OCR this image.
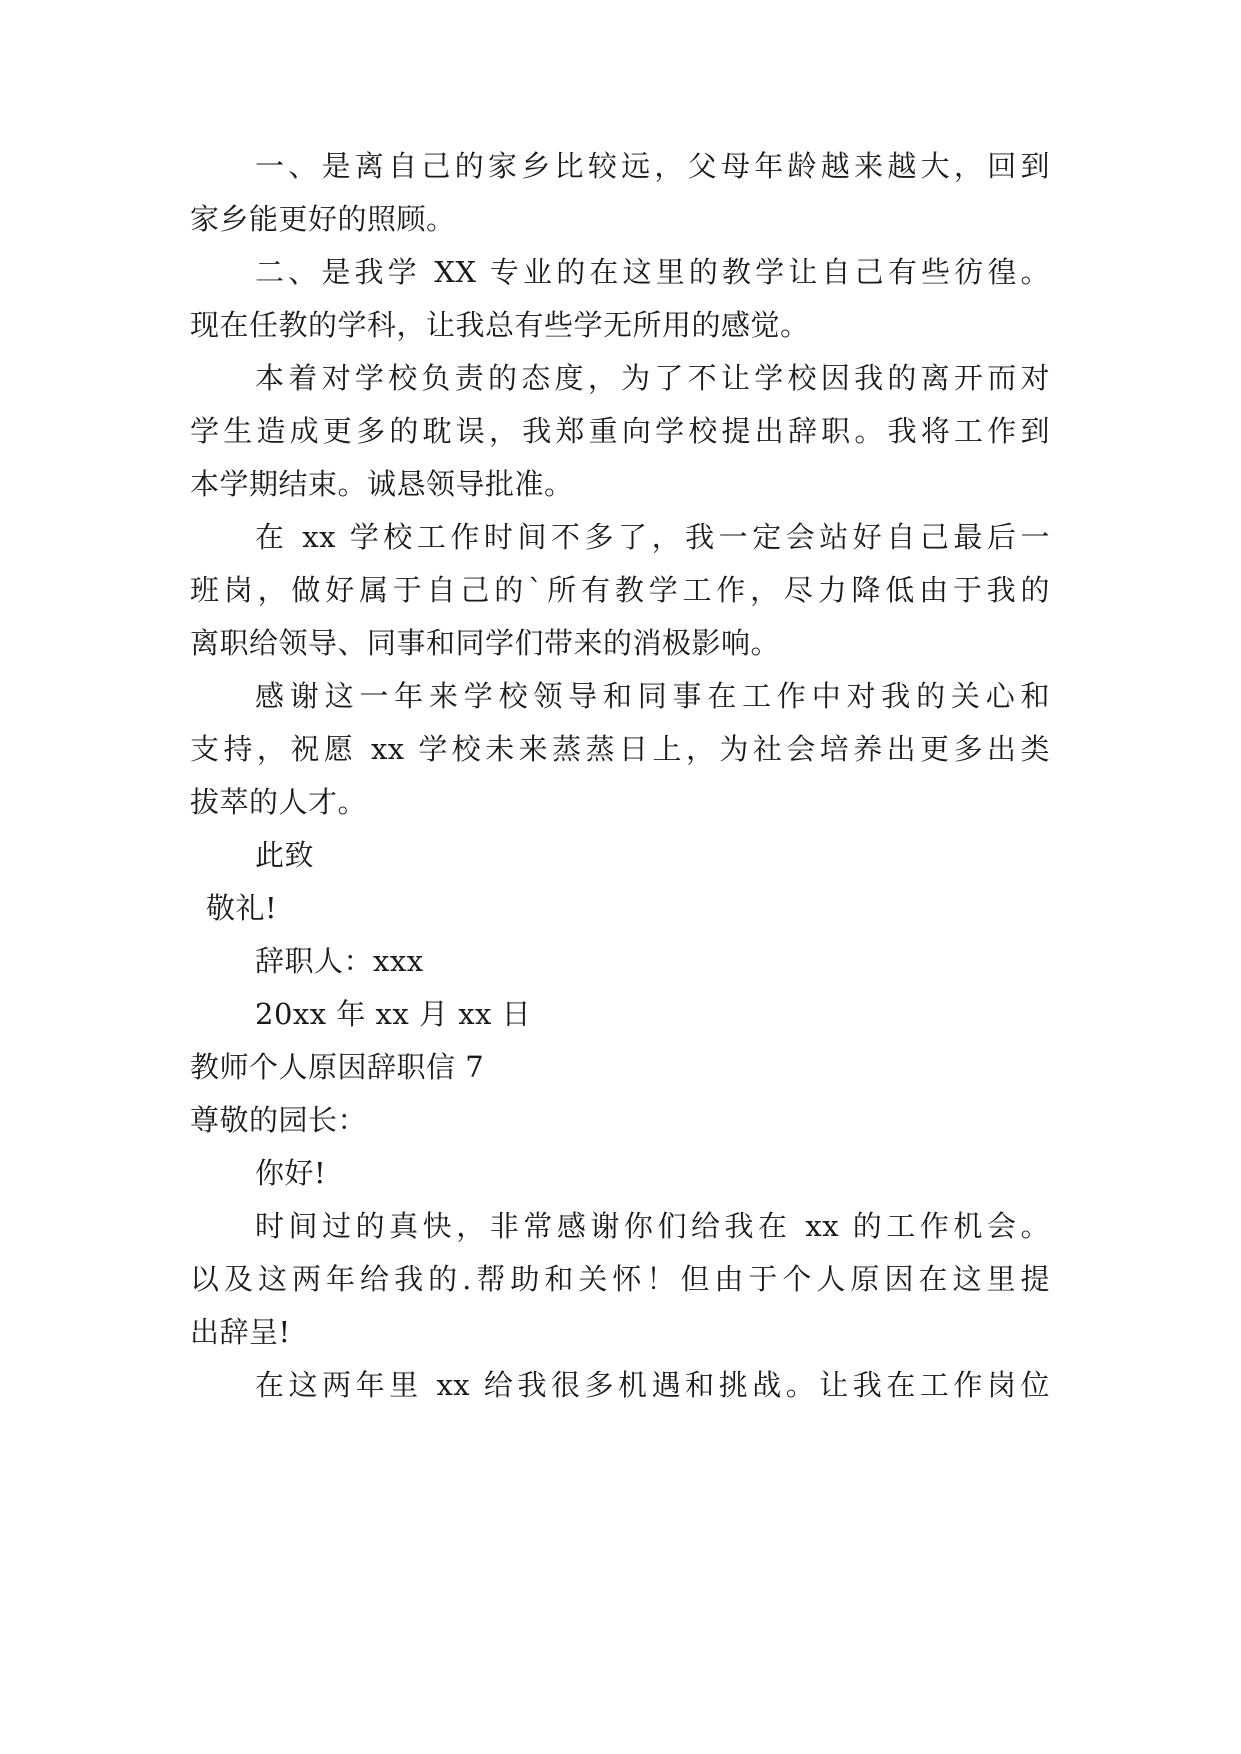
一、是离自己的家乡比较远，父母年龄越来越大，回到
家乡能更好的照顾。
二、是我学 XX 专业的在这里的教学让自己有些彷徨。
现在任教的学科，让我总有些学无所用的感觉。
本着对学校负责的态度，为了不让学校因我的离开而对
学生造成更多的耽误，我郑重向学校提出辞职。我将工作到
本学期结束。诚恳领导批准。
在 xx 学校工作时间不多了，我一定会站好自己最后一
班岗，做好属于自己的`所有教学工作，尽力降低由于我的
离职给领导、同事和同学们带来的消极影响。
感谢这一年来学校领导和同事在工作中对我的关心和
支持，祝愿 xx 学校未来蒸蒸日上，为社会培养出更多出类
拔萃的人才。
此致
敬礼!
辞职人：xxx
20xx 年 xx 月 xx 日
教师个人原因辞职信 7
尊敬的园长：
你好!
时间过的真快，非常感谢你们给我在 xx 的工作机会。
以及这两年给我的.帮助和关怀！但由于个人原因在这里提
出辞呈!
在这两年里 xx 给我很多机遇和挑战。让我在工作岗位
